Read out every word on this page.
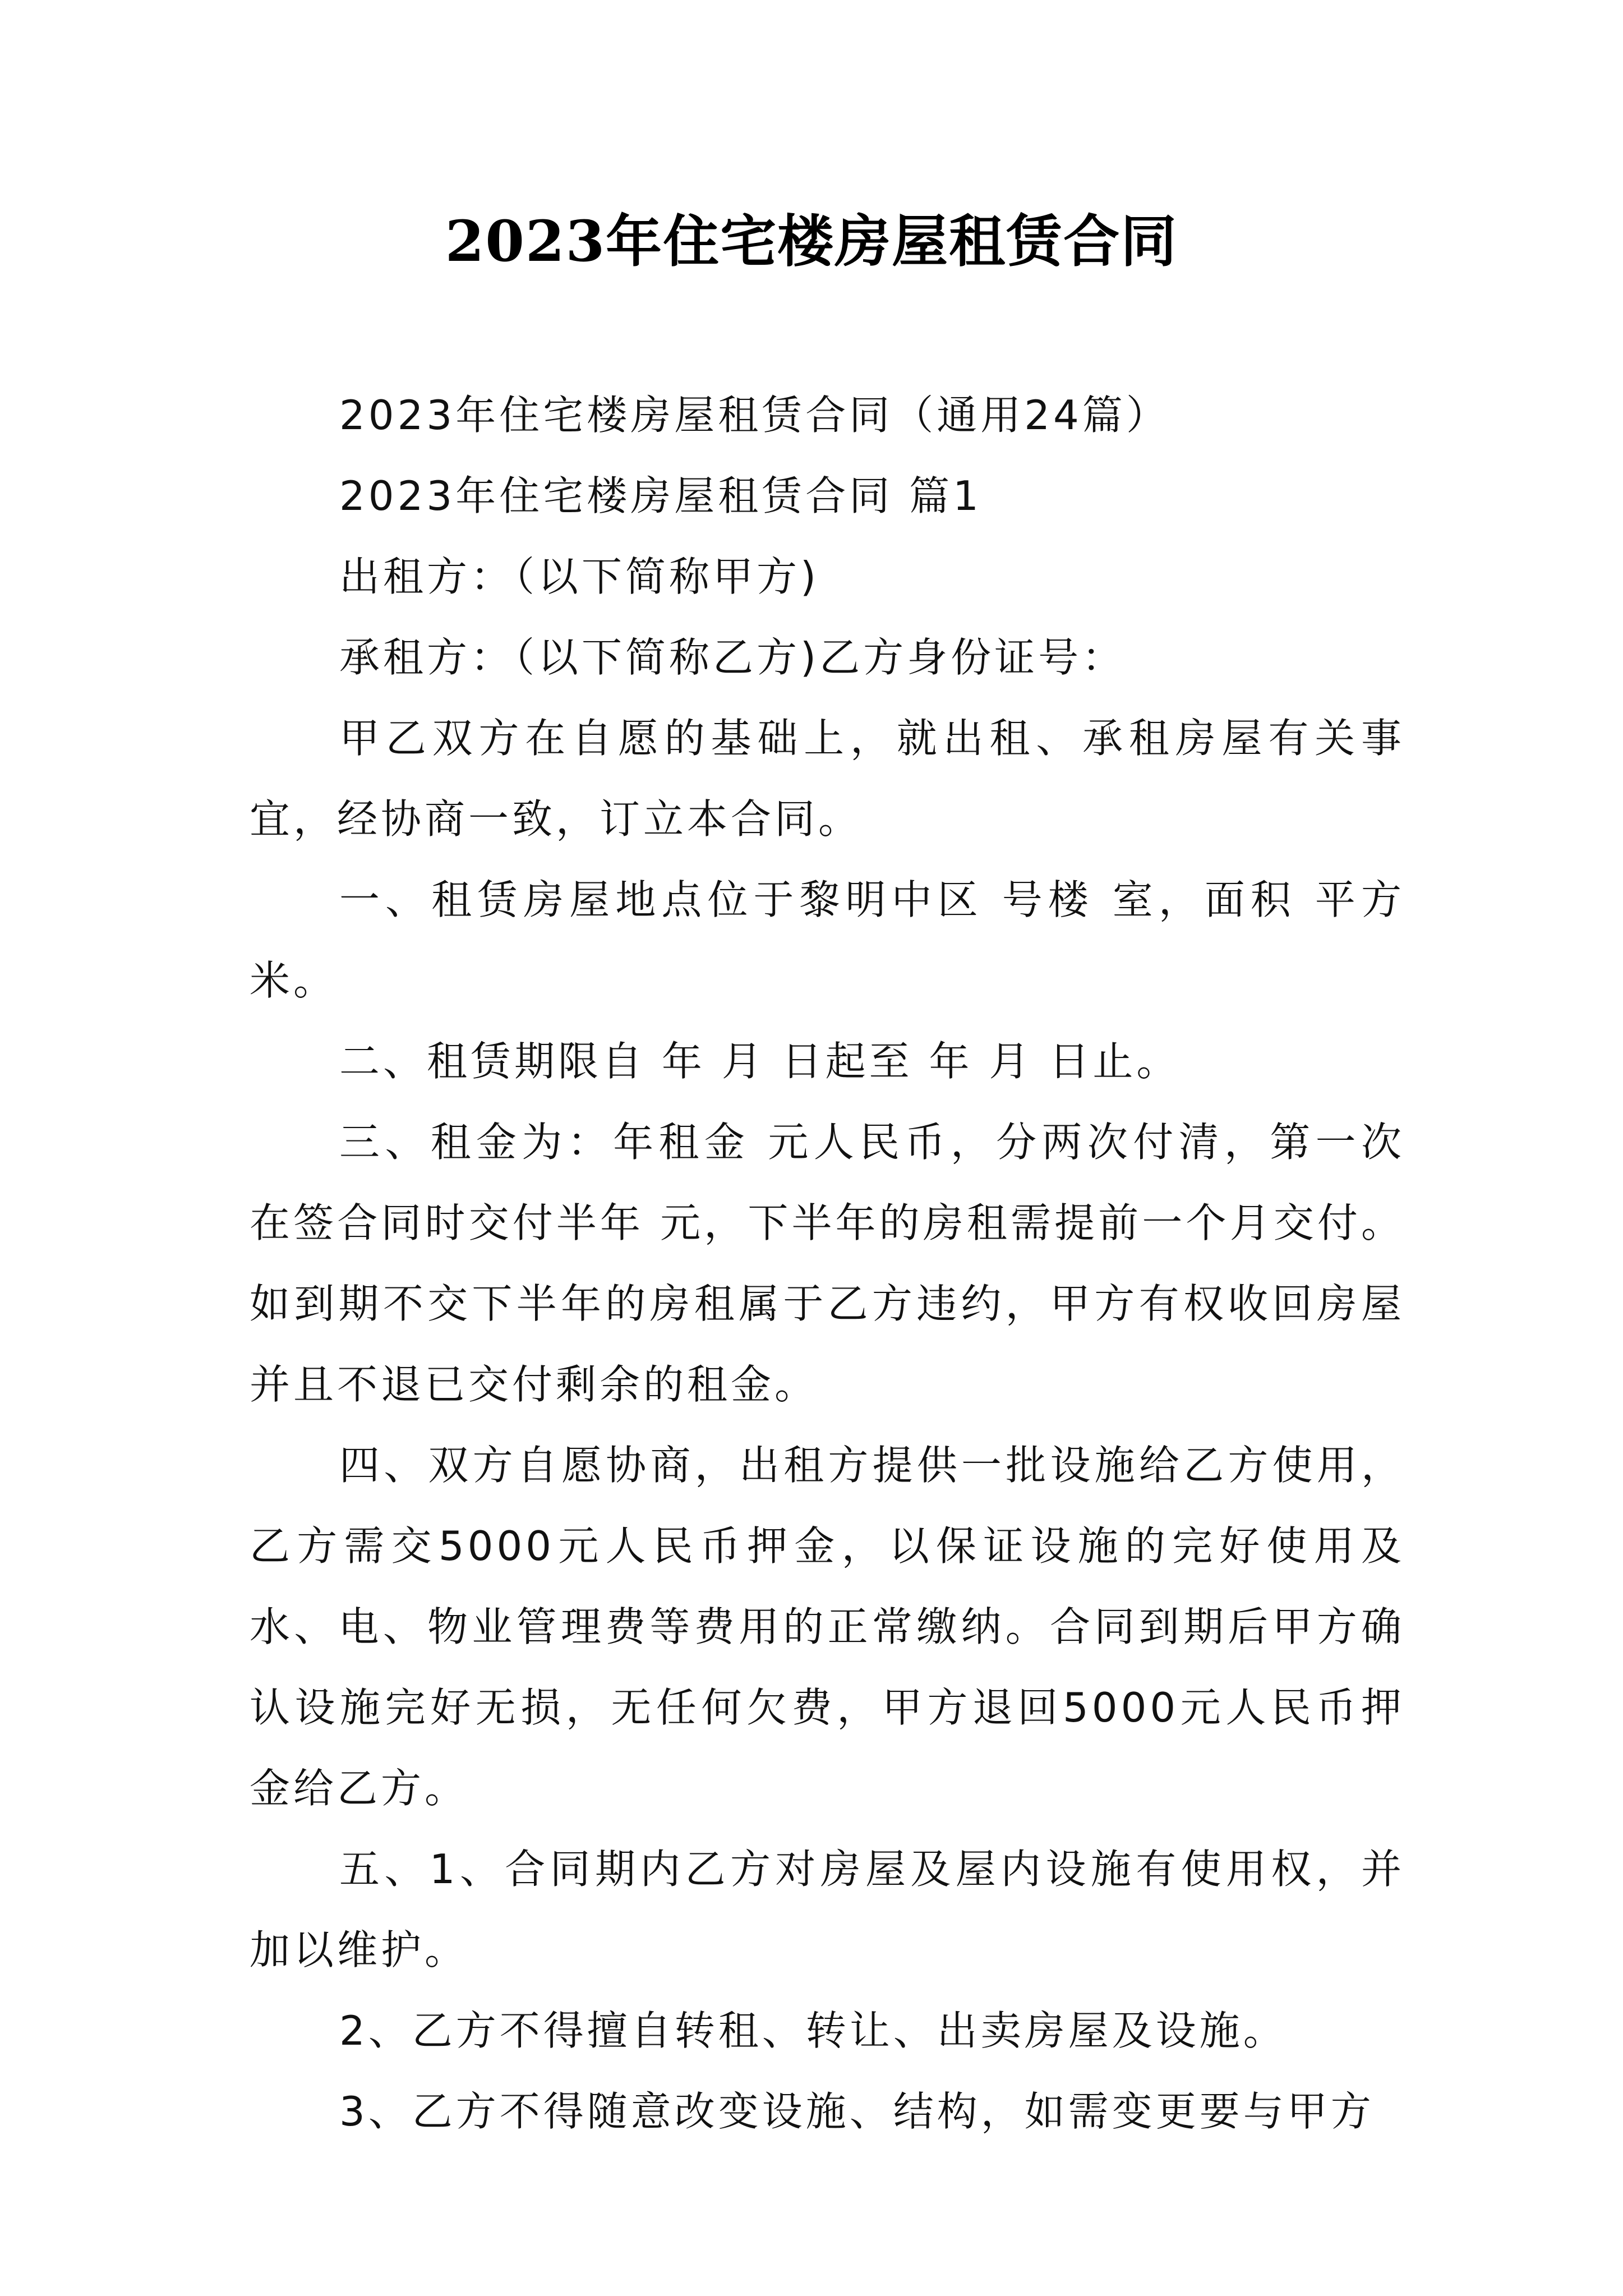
2023年住宅楼房屋租赁合同

2023年住宅楼房屋租赁合同（通用24篇）

2023年住宅楼房屋租赁合同 篇1

出租方：（以下简称甲方)

承租方：（以下简称乙方)乙方身份证号：

甲乙双方在自愿的基础上，就出租、承租房屋有关事宜，经协商一致，订立本合同。

一、租赁房屋地点位于黎明中区 号楼 室，面积 平方米。

二、租赁期限自 年 月 日起至 年 月 日止。

三、租金为：年租金 元人民币，分两次付清，第一次在签合同时交付半年 元，下半年的房租需提前一个月交付。如到期不交下半年的房租属于乙方违约，甲方有权收回房屋并且不退已交付剩余的租金。

四、双方自愿协商，出租方提供一批设施给乙方使用，乙方需交5000元人民币押金，以保证设施的完好使用及水、电、物业管理费等费用的正常缴纳。合同到期后甲方确认设施完好无损，无任何欠费，甲方退回5000元人民币押金给乙方。

五、1、合同期内乙方对房屋及屋内设施有使用权，并加以维护。

2、乙方不得擅自转租、转让、出卖房屋及设施。

3、乙方不得随意改变设施、结构，如需变更要与甲方
